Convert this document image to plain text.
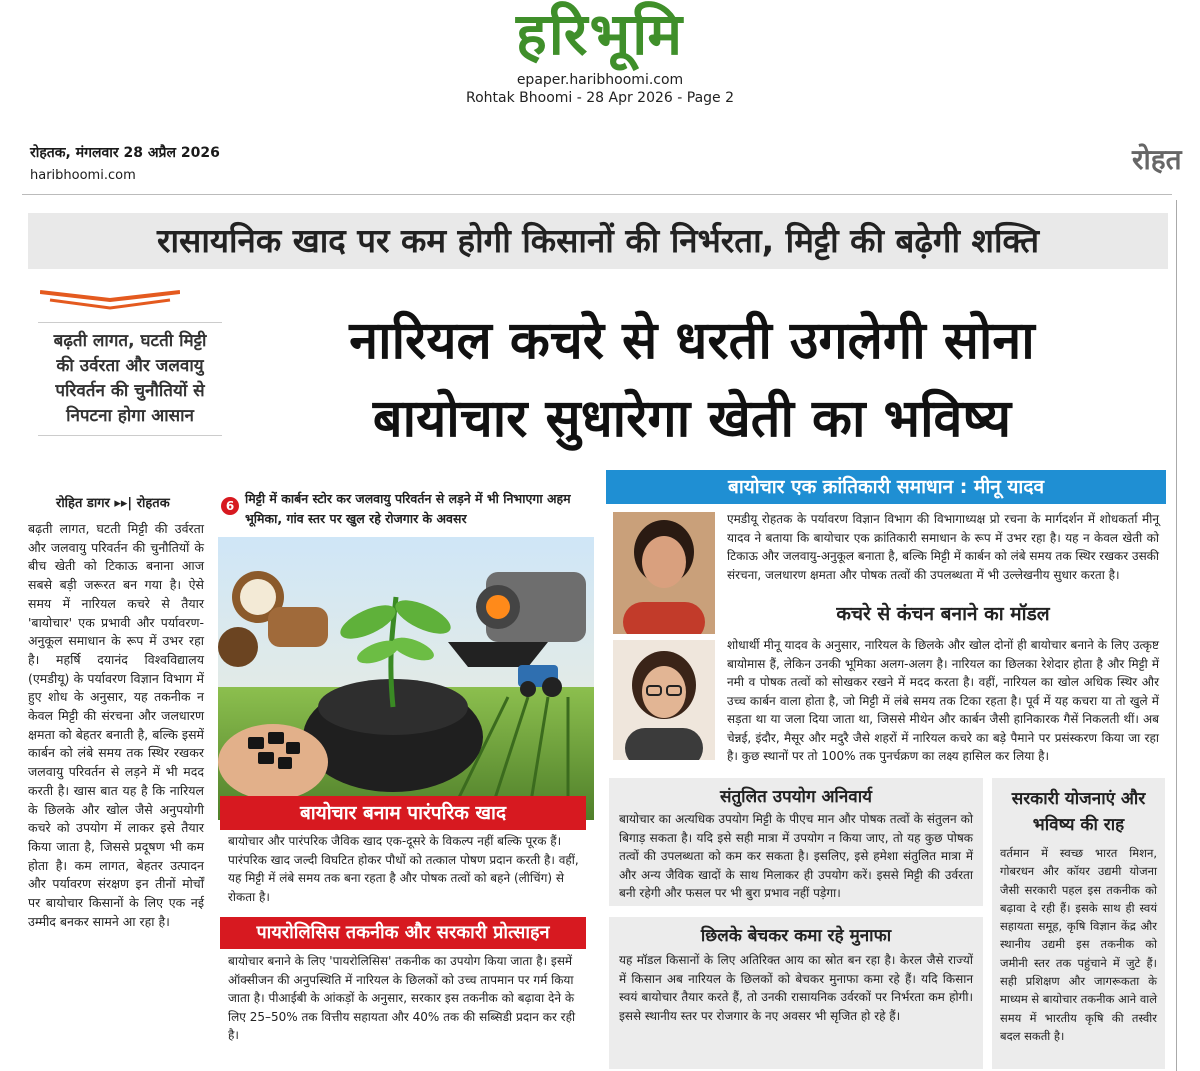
हरिभूमि
epaper.haribhoomi.com
Rohtak Bhoomi - 28 Apr 2026 - Page 2
रोहतक, मंगलवार 28 अप्रैल 2026
haribhoomi.com	रोहत
रासायनिक खाद पर कम होगी किसानों की निर्भरता, मिट्टी की बढ़ेगी शक्ति
बढ़ती लागत, घटती मिट्टी की उर्वरता और जलवायु परिवर्तन की चुनौतियों से निपटना होगा आसान
नारियल कचरे से धरती उगलेगी सोना
बायोचार सुधारेगा खेती का भविष्य
रोहित डागर ▸▸| रोहतक
बढ़ती लागत, घटती मिट्टी की उर्वरता और जलवायु परिवर्तन की चुनौतियों के बीच खेती को टिकाऊ बनाना आज सबसे बड़ी जरूरत बन गया है। ऐसे समय में नारियल कचरे से तैयार 'बायोचार' एक प्रभावी और पर्यावरण-अनुकूल समाधान के रूप में उभर रहा है। महर्षि दयानंद विश्वविद्यालय (एमडीयू) के पर्यावरण विज्ञान विभाग में हुए शोध के अनुसार, यह तकनीक न केवल मिट्टी की संरचना और जलधारण क्षमता को बेहतर बनाती है, बल्कि इसमें कार्बन को लंबे समय तक स्थिर रखकर जलवायु परिवर्तन से लड़ने में भी मदद करती है। खास बात यह है कि नारियल के छिलके और खोल जैसे अनुपयोगी कचरे को उपयोग में लाकर इसे तैयार किया जाता है, जिससे प्रदूषण भी कम होता है। कम लागत, बेहतर उत्पादन और पर्यावरण संरक्षण इन तीनों मोर्चों पर बायोचार किसानों के लिए एक नई उम्मीद बनकर सामने आ रहा है।
6 मिट्टी में कार्बन स्टोर कर जलवायु परिवर्तन से लड़ने में भी निभाएगा अहम भूमिका, गांव स्तर पर खुल रहे रोजगार के अवसर
बायोचार बनाम पारंपरिक खाद
बायोचार और पारंपरिक जैविक खाद एक-दूसरे के विकल्प नहीं बल्कि पूरक हैं। पारंपरिक खाद जल्दी विघटित होकर पौधों को तत्काल पोषण प्रदान करती है। वहीं, यह मिट्टी में लंबे समय तक बना रहता है और पोषक तत्वों को बहने (लीचिंग) से रोकता है।
पायरोलिसिस तकनीक और सरकारी प्रोत्साहन
बायोचार बनाने के लिए 'पायरोलिसिस' तकनीक का उपयोग किया जाता है। इसमें ऑक्सीजन की अनुपस्थिति में नारियल के छिलकों को उच्च तापमान पर गर्म किया जाता है। पीआईबी के आंकड़ों के अनुसार, सरकार इस तकनीक को बढ़ावा देने के लिए 25–50% तक वित्तीय सहायता और 40% तक की सब्सिडी प्रदान कर रही है।
बायोचार एक क्रांतिकारी समाधान : मीनू यादव
एमडीयू रोहतक के पर्यावरण विज्ञान विभाग की विभागाध्यक्ष प्रो रचना के मार्गदर्शन में शोधकर्ता मीनू यादव ने बताया कि बायोचार एक क्रांतिकारी समाधान के रूप में उभर रहा है। यह न केवल खेती को टिकाऊ और जलवायु-अनुकूल बनाता है, बल्कि मिट्टी में कार्बन को लंबे समय तक स्थिर रखकर उसकी संरचना, जलधारण क्षमता और पोषक तत्वों की उपलब्धता में भी उल्लेखनीय सुधार करता है।
कचरे से कंचन बनाने का मॉडल
शोधार्थी मीनू यादव के अनुसार, नारियल के छिलके और खोल दोनों ही बायोचार बनाने के लिए उत्कृष्ट बायोमास हैं, लेकिन उनकी भूमिका अलग-अलग है। नारियल का छिलका रेशेदार होता है और मिट्टी में नमी व पोषक तत्वों को सोखकर रखने में मदद करता है। वहीं, नारियल का खोल अधिक स्थिर और उच्च कार्बन वाला होता है, जो मिट्टी में लंबे समय तक टिका रहता है। पूर्व में यह कचरा या तो खुले में सड़ता था या जला दिया जाता था, जिससे मीथेन और कार्बन जैसी हानिकारक गैसें निकलती थीं। अब चेन्नई, इंदौर, मैसूर और मदुरै जैसे शहरों में नारियल कचरे का बड़े पैमाने पर प्रसंस्करण किया जा रहा है। कुछ स्थानों पर तो 100% तक पुनर्चक्रण का लक्ष्य हासिल कर लिया है।
संतुलित उपयोग अनिवार्य
बायोचार का अत्यधिक उपयोग मिट्टी के पीएच मान और पोषक तत्वों के संतुलन को बिगाड़ सकता है। यदि इसे सही मात्रा में उपयोग न किया जाए, तो यह कुछ पोषक तत्वों की उपलब्धता को कम कर सकता है। इसलिए, इसे हमेशा संतुलित मात्रा में और अन्य जैविक खादों के साथ मिलाकर ही उपयोग करें। इससे मिट्टी की उर्वरता बनी रहेगी और फसल पर भी बुरा प्रभाव नहीं पड़ेगा।
छिलके बेचकर कमा रहे मुनाफा
यह मॉडल किसानों के लिए अतिरिक्त आय का स्रोत बन रहा है। केरल जैसे राज्यों में किसान अब नारियल के छिलकों को बेचकर मुनाफा कमा रहे हैं। यदि किसान स्वयं बायोचार तैयार करते हैं, तो उनकी रासायनिक उर्वरकों पर निर्भरता कम होगी। इससे स्थानीय स्तर पर रोजगार के नए अवसर भी सृजित हो रहे हैं।
सरकारी योजनाएं और भविष्य की राह
वर्तमान में स्वच्छ भारत मिशन, गोबरधन और कॉयर उद्यमी योजना जैसी सरकारी पहल इस तकनीक को बढ़ावा दे रही हैं। इसके साथ ही स्वयं सहायता समूह, कृषि विज्ञान केंद्र और स्थानीय उद्यमी इस तकनीक को जमीनी स्तर तक पहुंचाने में जुटे हैं। सही प्रशिक्षण और जागरूकता के माध्यम से बायोचार तकनीक आने वाले समय में भारतीय कृषि की तस्वीर बदल सकती है।
